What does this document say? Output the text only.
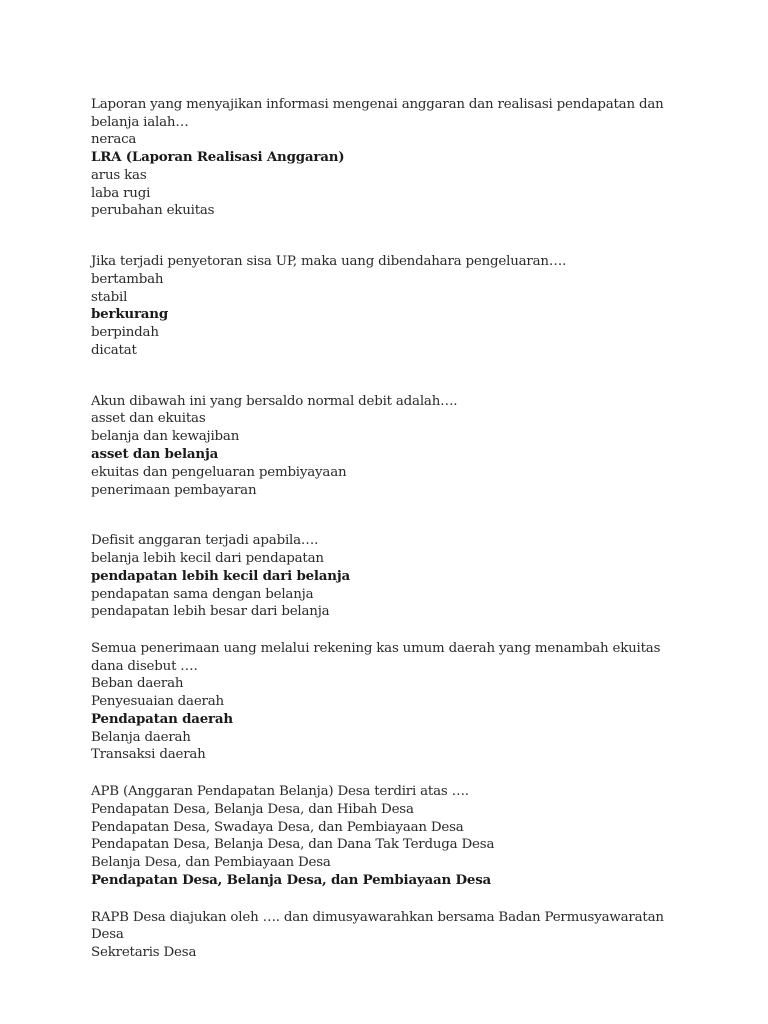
Laporan yang menyajikan informasi mengenai anggaran dan realisasi pendapatan dan belanja ialah…

neraca

LRA (Laporan Realisasi Anggaran)

arus kas

laba rugi

perubahan ekuitas

Jika terjadi penyetoran sisa UP, maka uang dibendahara pengeluaran….

bertambah

stabil

berkurang

berpindah

dicatat

Akun dibawah ini yang bersaldo normal debit adalah….

asset dan ekuitas

belanja dan kewajiban

asset dan belanja

ekuitas dan pengeluaran pembiyayaan

penerimaan pembayaran

Defisit anggaran terjadi apabila….

belanja lebih kecil dari pendapatan

pendapatan lebih kecil dari belanja

pendapatan sama dengan belanja

pendapatan lebih besar dari belanja

Semua penerimaan uang melalui rekening kas umum daerah yang menambah ekuitas dana disebut ….

Beban daerah

Penyesuaian daerah

Pendapatan daerah

Belanja daerah

Transaksi daerah

APB (Anggaran Pendapatan Belanja) Desa terdiri atas ….

Pendapatan Desa, Belanja Desa, dan Hibah Desa

Pendapatan Desa, Swadaya Desa, dan Pembiayaan Desa

Pendapatan Desa, Belanja Desa, dan Dana Tak Terduga Desa

Belanja Desa, dan Pembiayaan Desa

Pendapatan Desa, Belanja Desa, dan Pembiayaan Desa

RAPB Desa diajukan oleh …. dan dimusyawarahkan bersama Badan Permusyawaratan Desa

Sekretaris Desa
